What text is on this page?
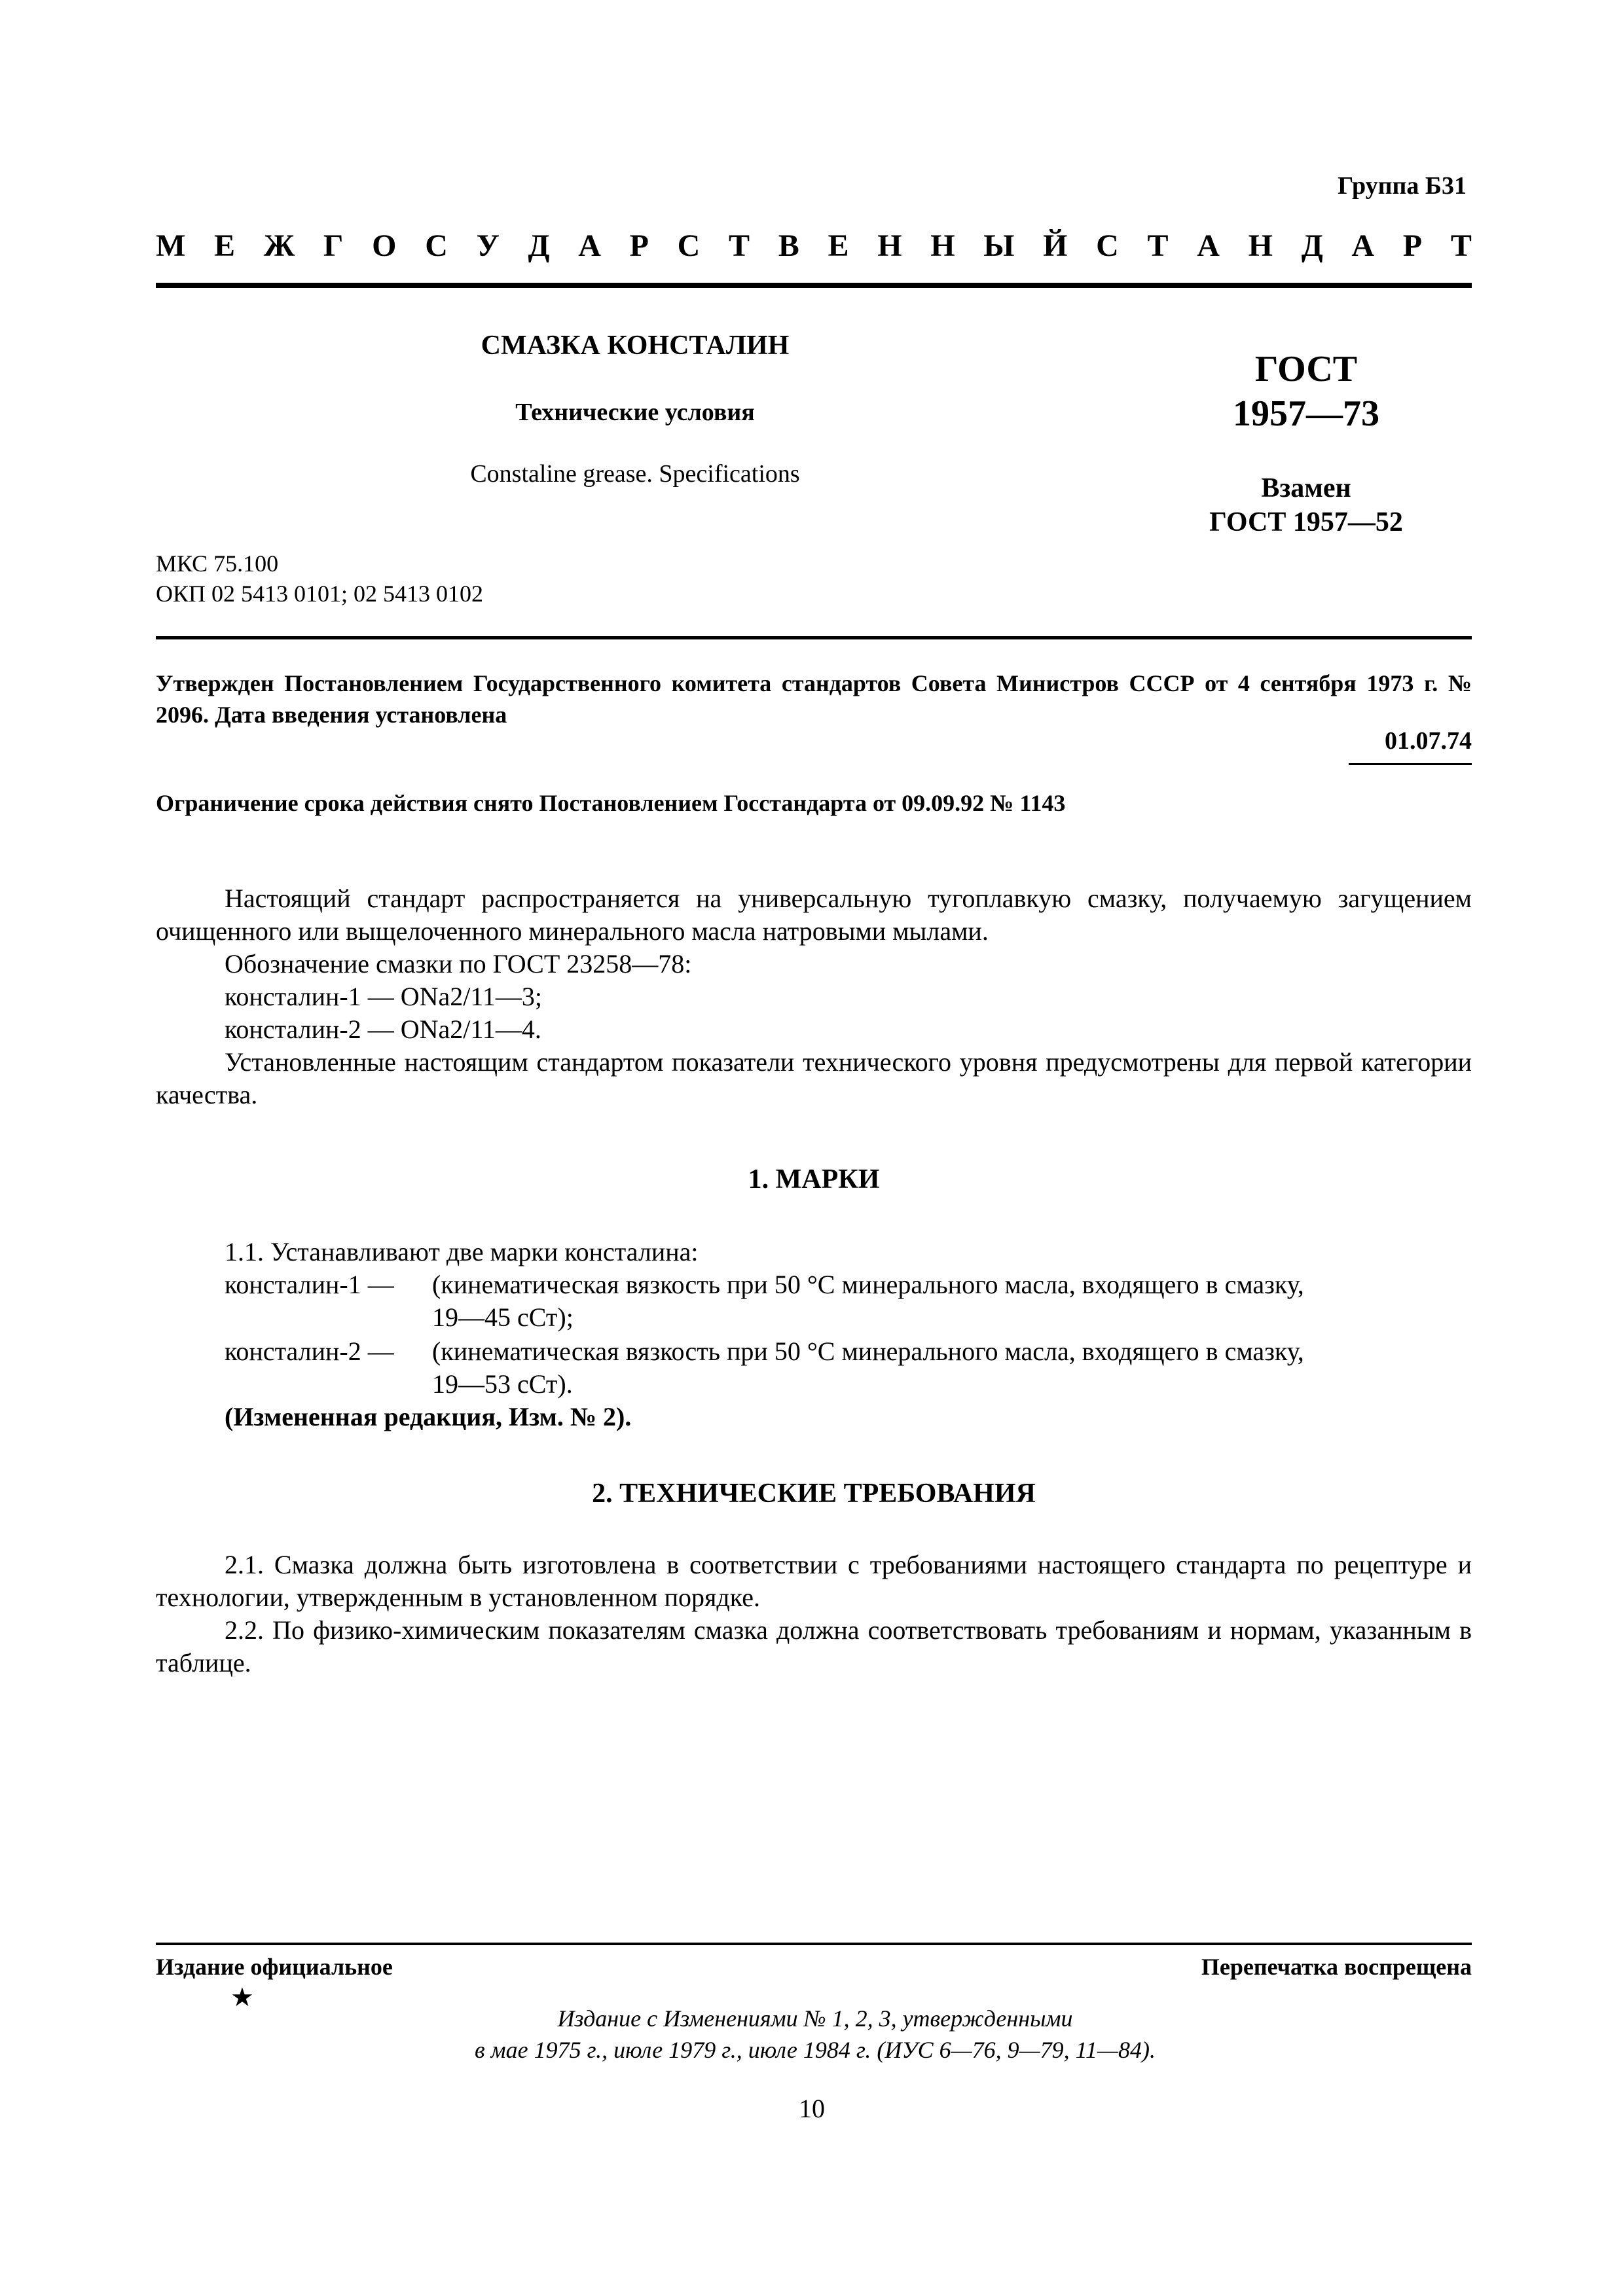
Группа Б31
М Е Ж Г О С У Д А Р С Т В Е Н Н Ы Й С Т А Н Д А Р Т
СМАЗКА КОНСТАЛИН
Технические условия
Constaline grease. Specifications
ГОСТ
1957—73
Взамен
ГОСТ 1957—52
МКС 75.100
ОКП 02 5413 0101; 02 5413 0102
Утвержден Постановлением Государственного комитета стандартов Совета Министров СССР от 4 сентября 1973 г. № 2096. Дата введения установлена
01.07.74
Ограничение срока действия снято Постановлением Госстандарта от 09.09.92 № 1143
Настоящий стандарт распространяется на универсальную тугоплавкую смазку, получаемую загущением очищенного или выщелоченного минерального масла натровыми мылами.
Обозначение смазки по ГОСТ 23258—78:
консталин-1 — ONa2/11—3;
консталин-2 — ONa2/11—4.
Установленные настоящим стандартом показатели технического уровня предусмотрены для первой категории качества.
1. МАРКИ
1.1. Устанавливают две марки консталина:
консталин-1 — (кинематическая вязкость при 50 °С минерального масла, входящего в смазку,
19—45 сСт);
консталин-2 — (кинематическая вязкость при 50 °С минерального масла, входящего в смазку,
19—53 сСт).
(Измененная редакция, Изм. № 2).
2. ТЕХНИЧЕСКИЕ ТРЕБОВАНИЯ
2.1. Смазка должна быть изготовлена в соответствии с требованиями настоящего стандарта по рецептуре и технологии, утвержденным в установленном порядке.
2.2. По физико-химическим показателям смазка должна соответствовать требованиям и нормам, указанным в таблице.
Издание официальное	Перепечатка воспрещена
★
Издание с Изменениями № 1, 2, 3, утвержденными
в мае 1975 г., июле 1979 г., июле 1984 г. (ИУС 6—76, 9—79, 11—84).
10
